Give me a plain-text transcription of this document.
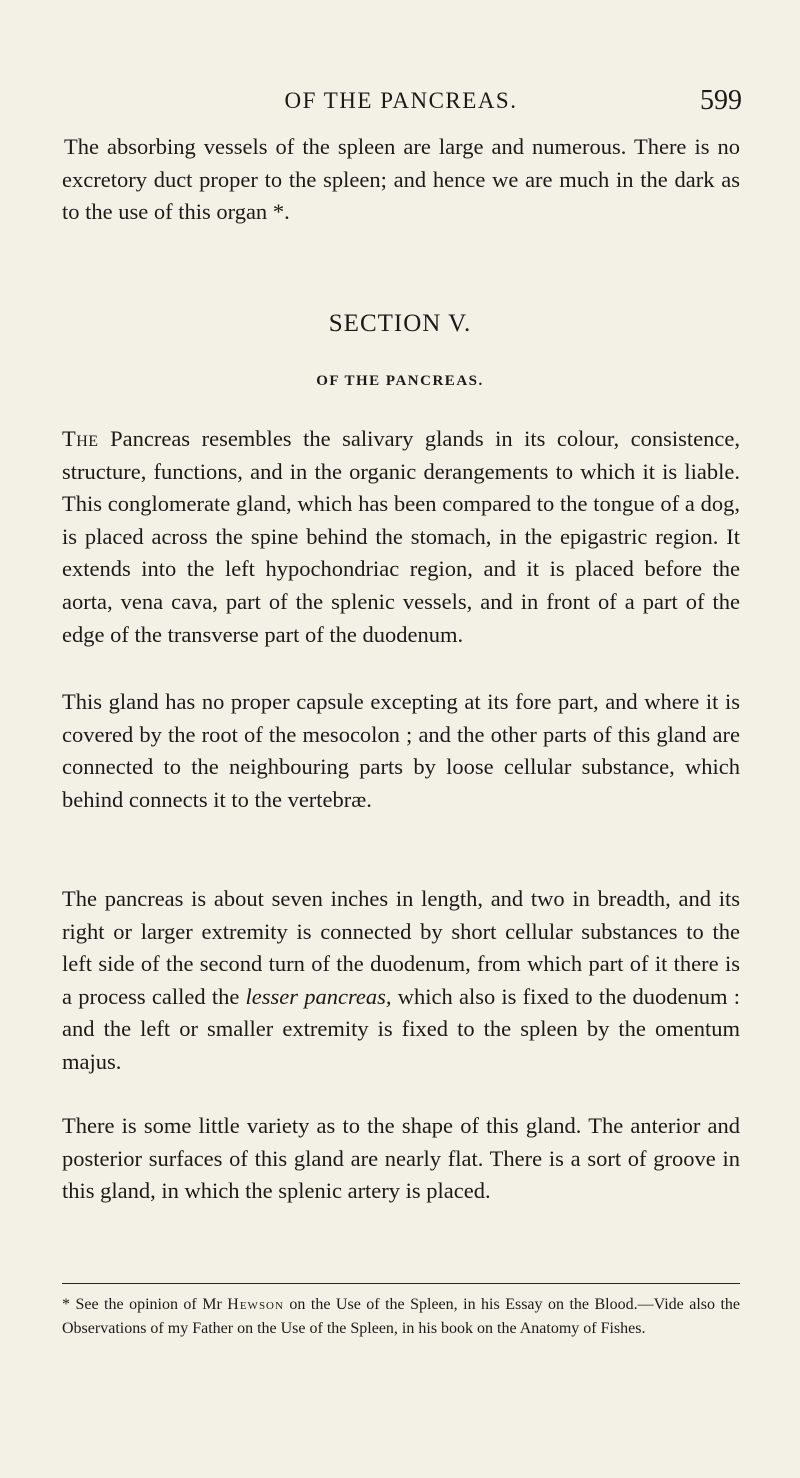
OF THE PANCREAS.	599

The absorbing vessels of the spleen are large and numerous. There is no excretory duct proper to the spleen; and hence we are much in the dark as to the use of this organ *.

SECTION V.
OF THE PANCREAS.

The Pancreas resembles the salivary glands in its colour, consistence, structure, functions, and in the organic derangements to which it is liable. This conglomerate gland, which has been compared to the tongue of a dog, is placed across the spine behind the stomach, in the epigastric region. It extends into the left hypochondriac region, and it is placed before the aorta, vena cava, part of the splenic vessels, and in front of a part of the edge of the transverse part of the duodenum.

This gland has no proper capsule excepting at its fore part, and where it is covered by the root of the mesocolon ; and the other parts of this gland are connected to the neighbouring parts by loose cellular substance, which behind connects it to the vertebræ.

The pancreas is about seven inches in length, and two in breadth, and its right or larger extremity is connected by short cellular substances to the left side of the second turn of the duodenum, from which part of it there is a process called the lesser pancreas, which also is fixed to the duodenum : and the left or smaller extremity is fixed to the spleen by the omentum majus.

There is some little variety as to the shape of this gland. The anterior and posterior surfaces of this gland are nearly flat. There is a sort of groove in this gland, in which the splenic artery is placed.

* See the opinion of Mr Hewson on the Use of the Spleen, in his Essay on the Blood.—Vide also the Observations of my Father on the Use of the Spleen, in his book on the Anatomy of Fishes.
